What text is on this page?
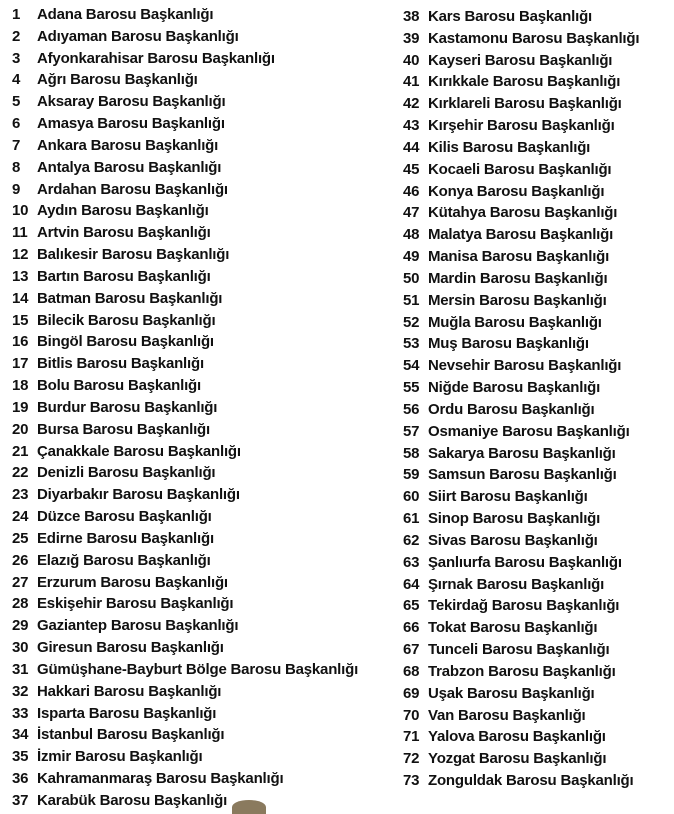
1 Adana Barosu Başkanlığı
2 Adıyaman Barosu Başkanlığı
3 Afyonkarahisar Barosu Başkanlığı
4 Ağrı Barosu Başkanlığı
5 Aksaray Barosu Başkanlığı
6 Amasya Barosu Başkanlığı
7 Ankara Barosu Başkanlığı
8 Antalya Barosu Başkanlığı
9 Ardahan Barosu Başkanlığı
10 Aydın Barosu Başkanlığı
11 Artvin Barosu Başkanlığı
12 Balıkesir Barosu Başkanlığı
13 Bartın Barosu Başkanlığı
14 Batman Barosu Başkanlığı
15 Bilecik Barosu Başkanlığı
16 Bingöl Barosu Başkanlığı
17 Bitlis Barosu Başkanlığı
18 Bolu Barosu Başkanlığı
19 Burdur Barosu Başkanlığı
20 Bursa Barosu Başkanlığı
21 Çanakkale Barosu Başkanlığı
22 Denizli Barosu Başkanlığı
23 Diyarbakır Barosu Başkanlığı
24 Düzce Barosu Başkanlığı
25 Edirne Barosu Başkanlığı
26 Elazığ Barosu Başkanlığı
27 Erzurum Barosu Başkanlığı
28 Eskişehir Barosu Başkanlığı
29 Gaziantep Barosu Başkanlığı
30 Giresun Barosu Başkanlığı
31 Gümüşhane-Bayburt Bölge Barosu Başkanlığı
32 Hakkari Barosu Başkanlığı
33 Isparta Barosu Başkanlığı
34 İstanbul Barosu Başkanlığı
35 İzmir Barosu Başkanlığı
36 Kahramanmaraş Barosu Başkanlığı
37 Karabük Barosu Başkanlığı
38 Kars Barosu Başkanlığı
39 Kastamonu Barosu Başkanlığı
40 Kayseri Barosu Başkanlığı
41 Kırıkkale Barosu Başkanlığı
42 Kırklareli Barosu Başkanlığı
43 Kırşehir Barosu Başkanlığı
44 Kilis Barosu Başkanlığı
45 Kocaeli Barosu Başkanlığı
46 Konya Barosu Başkanlığı
47 Kütahya Barosu Başkanlığı
48 Malatya Barosu Başkanlığı
49 Manisa Barosu Başkanlığı
50 Mardin Barosu Başkanlığı
51 Mersin Barosu Başkanlığı
52 Muğla Barosu Başkanlığı
53 Muş Barosu Başkanlığı
54 Nevsehir Barosu Başkanlığı
55 Niğde Barosu Başkanlığı
56 Ordu Barosu Başkanlığı
57 Osmaniye Barosu Başkanlığı
58 Sakarya Barosu Başkanlığı
59 Samsun Barosu Başkanlığı
60 Siirt Barosu Başkanlığı
61 Sinop Barosu Başkanlığı
62 Sivas Barosu Başkanlığı
63 Şanlıurfa Barosu Başkanlığı
64 Şırnak Barosu Başkanlığı
65 Tekirdağ Barosu Başkanlığı
66 Tokat Barosu Başkanlığı
67 Tunceli Barosu Başkanlığı
68 Trabzon Barosu Başkanlığı
69 Uşak Barosu Başkanlığı
70 Van Barosu Başkanlığı
71 Yalova Barosu Başkanlığı
72 Yozgat Barosu Başkanlığı
73 Zonguldak Barosu Başkanlığı
